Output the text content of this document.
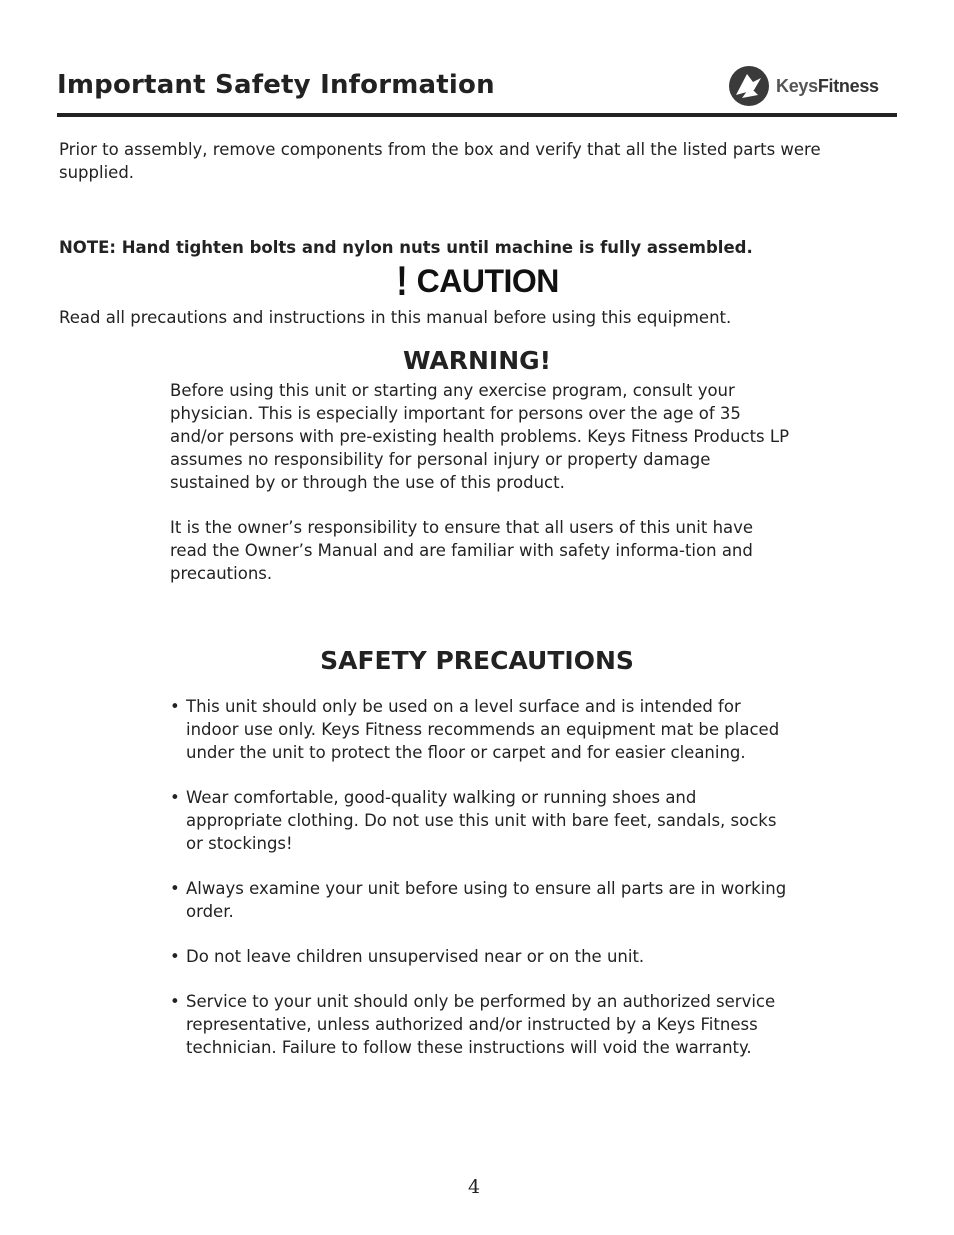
Important Safety Information	KeysFitness

Prior to assembly, remove components from the box and verify that all the listed parts were supplied.

NOTE: Hand tighten bolts and nylon nuts until machine is fully assembled.

! CAUTION

Read all precautions and instructions in this manual before using this equipment.

WARNING!

Before using this unit or starting any exercise program, consult your physician. This is especially important for persons over the age of 35 and/or persons with pre-existing health problems. Keys Fitness Products LP assumes no responsibility for personal injury or property damage sustained by or through the use of this product.

It is the owner’s responsibility to ensure that all users of this unit have read the Owner’s Manual and are familiar with safety informa-tion and precautions.

SAFETY PRECAUTIONS
• This unit should only be used on a level surface and is intended for indoor use only. Keys Fitness recommends an equipment mat be placed under the unit to protect the floor or carpet and for easier cleaning.
• Wear comfortable, good-quality walking or running shoes and appropriate clothing. Do not use this unit with bare feet, sandals, socks or stockings!
• Always examine your unit before using to ensure all parts are in working order.
• Do not leave children unsupervised near or on the unit.
• Service to your unit should only be performed by an authorized service representative, unless authorized and/or instructed by a Keys Fitness technician. Failure to follow these instructions will void the warranty.
4
